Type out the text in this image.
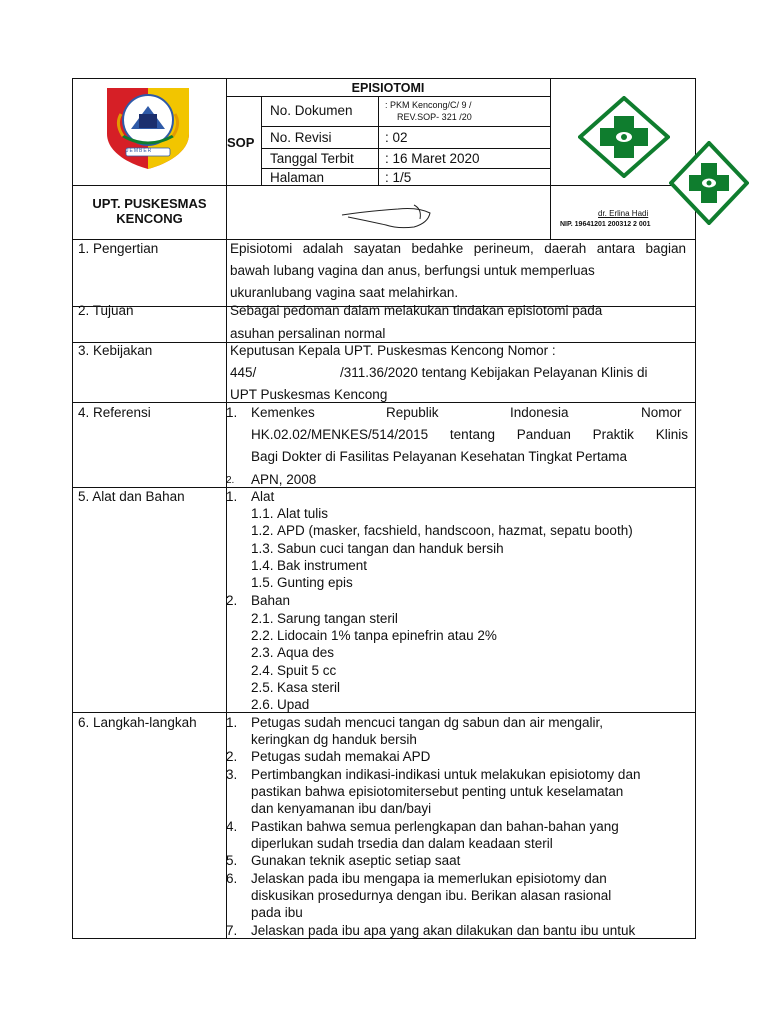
JEMBER
EPISIOTOMI
SOP
No. Dokumen	: PKM Kencong/C/ 9 /
REV.SOP- 321 /20
No. Revisi	: 02
Tanggal Terbit : 16 Maret 2020
Halaman	: 1/5
UPT. PUSKESMAS
KENCONG	dr. Erlina Hadi
NIP. 19641201 200312 2 001
1. Pengertian	Episiotomi adalah sayatan bedahke perineum, daerah antara bagian
bawah lubang vagina dan anus, berfungsi untuk memperluas
ukuranlubang vagina saat melahirkan.
2. Tujuan	Sebagai pedoman dalam melakukan tindakan episiotomi pada
asuhan persalinan normal
3. Kebijakan	Keputusan Kepala UPT. Puskesmas Kencong Nomor :
445/	/311.36/2020 tentang Kebijakan Pelayanan Klinis di
UPT Puskesmas Kencong
4. Referensi	1. Kemenkes	Republik	Indonesia	Nomor
HK.02.02/MENKES/514/2015 tentang Panduan Praktik Klinis
Bagi Dokter di Fasilitas Pelayanan Kesehatan Tingkat Pertama
2. APN, 2008
5. Alat dan Bahan	1. Alat
1.1. Alat tulis
1.2. APD (masker, facshield, handscoon, hazmat, sepatu booth)
1.3. Sabun cuci tangan dan handuk bersih
1.4. Bak instrument
1.5. Gunting epis
2. Bahan
2.1. Sarung tangan steril
2.2. Lidocain 1% tanpa epinefrin atau 2%
2.3. Aqua des
2.4. Spuit 5 cc
2.5. Kasa steril
2.6. Upad
6. Langkah-langkah 1. Petugas sudah mencuci tangan dg sabun dan air mengalir,
keringkan dg handuk bersih
2. Petugas sudah memakai APD
3. Pertimbangkan indikasi-indikasi untuk melakukan episiotomy dan
pastikan bahwa episiotomitersebut penting untuk keselamatan
dan kenyamanan ibu dan/bayi
4. Pastikan bahwa semua perlengkapan dan bahan-bahan yang
diperlukan sudah trsedia dan dalam keadaan steril
5. Gunakan teknik aseptic setiap saat
6. Jelaskan pada ibu mengapa ia memerlukan episiotomy dan
diskusikan prosedurnya dengan ibu. Berikan alasan rasional
pada ibu
7. Jelaskan pada ibu apa yang akan dilakukan dan bantu ibu untuk
